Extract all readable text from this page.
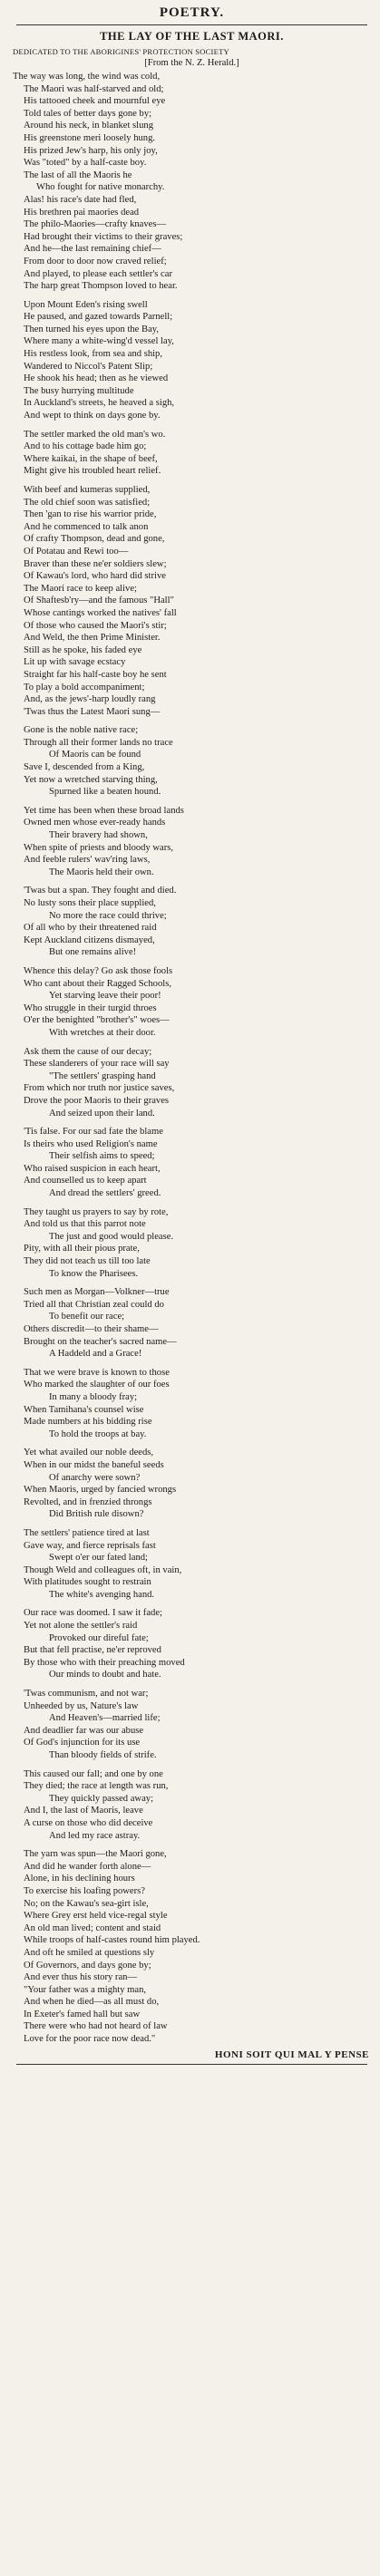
POETRY.
THE LAY OF THE LAST MAORI.
DEDICATED TO THE ABORIGINES' PROTECTION SOCIETY
[From the N. Z. Herald.]
The way was long, the wind was cold,
The Maori was half-starved and old;
His tattooed cheek and mournful eye
Told tales of better days gone by;
Around his neck, in blanket slung
His greenstone meri loosely hung.
His prized Jew's harp, his only joy,
Was "toted" by a half-caste boy.
The last of all the Maoris he
Who fought for native monarchy.
Alas! his race's date had fled,
His brethren pai maories dead
The philo-Maories—crafty knaves—
Had brought their victims to their graves;
And he—the last remaining chief—
From door to door now craved relief;
And played, to please each settler's car
The harp great Thompson loved to hear.
Upon Mount Eden's rising swell
He paused, and gazed towards Parnell;
Then turned his eyes upon the Bay,
Where many a white-wing'd vessel lay,
His restless look, from sea and ship,
Wandered to Niccol's Patent Slip;
He shook his head; then as he viewed
The busy hurrying multitude
In Auckland's streets, he heaved a sigh,
And wept to think on days gone by.
The settler marked the old man's wo.
And to his cottage bade him go;
Where kaikai, in the shape of beef,
Might give his troubled heart relief.
With beef and kumeras supplied,
The old chief soon was satisfied;
Then 'gan to rise his warrior pride,
And he commenced to talk anon
Of crafty Thompson, dead and gone,
Of Potatau and Rewi too—
Braver than these ne'er soldiers slew;
Of Kawau's lord, who hard did strive
The Maori race to keep alive;
Of Shaftesb'ry—and the famous "Hall"
Whose cantings worked the natives' fall
Of those who caused the Maori's stir;
And Weld, the then Prime Minister.
Still as he spoke, his faded eye
Lit up with savage ecstacy
Straight far his half-caste boy he sent
To play a bold accompaniment;
And, as the jews'-harp loudly rang
'Twas thus the Latest Maori sung—
Gone is the noble native race;
Through all their former lands no trace
Of Maoris can be found
Save I, descended from a King,
Yet now a wretched starving thing,
Spurned like a beaten hound.
Yet time has been when these broad lands
Owned men whose ever-ready hands
Their bravery had shown,
When spite of priests and bloody wars,
And feeble rulers' wav'ring laws,
The Maoris held their own.
'Twas but a span. They fought and died.
No lusty sons their place supplied,
No more the race could thrive;
Of all who by their threatened raid
Kept Auckland citizens dismayed,
But one remains alive!
Whence this delay? Go ask those fools
Who cant about their Ragged Schools,
Yet starving leave their poor!
Who struggle in their turgid throes
O'er the benighted "brother's" woes—
With wretches at their door.
Ask them the cause of our decay;
These slanderers of your race will say
"The settlers' grasping hand
From which nor truth nor justice saves,
Drove the poor Maoris to their graves
And seized upon their land.
'Tis false. For our sad fate the blame
Is theirs who used Religion's name
Their selfish aims to speed;
Who raised suspicion in each heart,
And counselled us to keep apart
And dread the settlers' greed.
They taught us prayers to say by rote,
And told us that this parrot note
The just and good would please.
Pity, with all their pious prate,
They did not teach us till too late
To know the Pharisees.
Such men as Morgan—Volkner—true
Tried all that Christian zeal could do
To benefit our race;
Others discredit—to their shame—
Brought on the teacher's sacred name—
A Haddeld and a Grace!
That we were brave is known to those
Who marked the slaughter of our foes
In many a bloody fray;
When Tamihana's counsel wise
Made numbers at his bidding rise
To hold the troops at bay.
Yet what availed our noble deeds,
When in our midst the baneful seeds
Of anarchy were sown?
When Maoris, urged by fancied wrongs
Revolted, and in frenzied throngs
Did British rule disown?
The settlers' patience tired at last
Gave way, and fierce reprisals fast
Swept o'er our fated land;
Though Weld and colleagues oft, in vain,
With platitudes sought to restrain
The white's avenging hand.
Our race was doomed. I saw it fade;
Yet not alone the settler's raid
Provoked our direful fate;
But that fell practise, ne'er reproved
By those who with their preaching moved
Our minds to doubt and hate.
'Twas communism, and not war;
Unheeded by us, Nature's law
And Heaven's—married life;
And deadlier far was our abuse
Of God's injunction for its use
Than bloody fields of strife.
This caused our fall; and one by one
They died; the race at length was run,
They quickly passed away;
And I, the last of Maoris, leave
A curse on those who did deceive
And led my race astray.
The yarn was spun—the Maori gone,
And did he wander forth alone—
Alone, in his declining hours
To exercise his loafing powers?
No; on the Kawau's sea-girt isle,
Where Grey erst held vice-regal style
An old man lived; content and staid
While troops of half-castes round him played.
And oft he smiled at questions sly
Of Governors, and days gone by;
And ever thus his story ran—
"Your father was a mighty man,
And when he died—as all must do,
In Exeter's famed hall but saw
There were who had not heard of law
Love for the poor race now dead."
HONI SOIT QUI MAL Y PENSE
